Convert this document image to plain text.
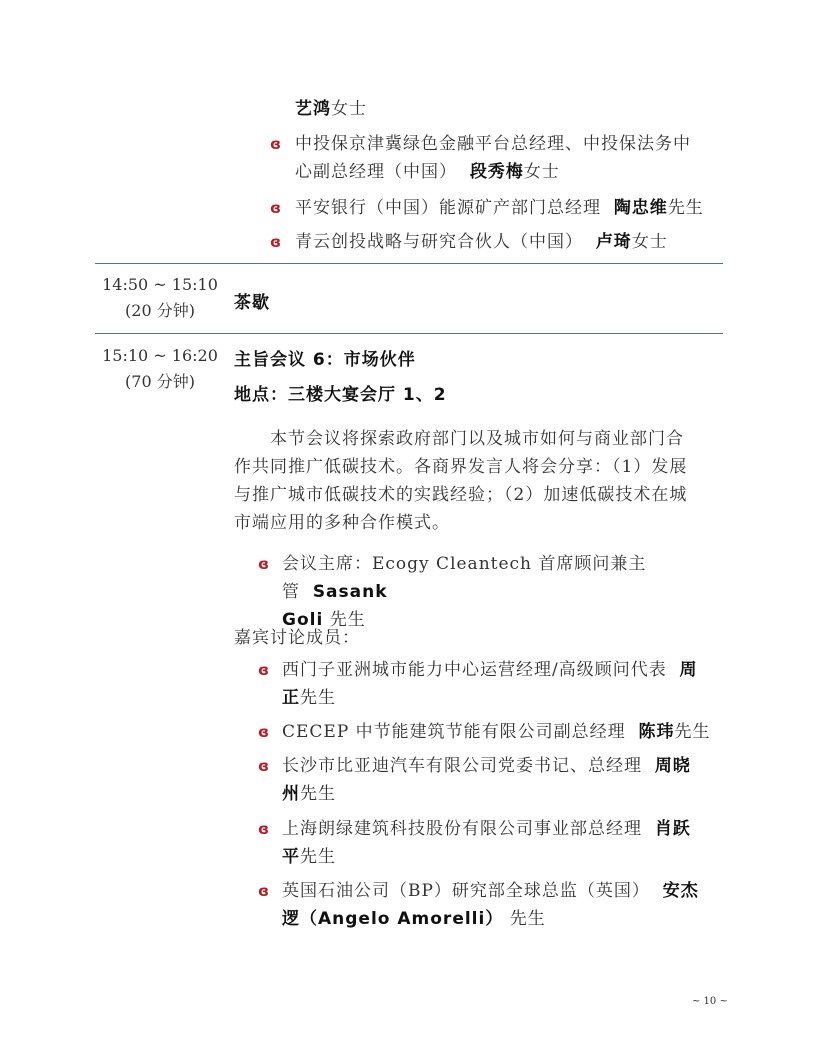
艺鸿女士
ɞ 中投保京津冀绿色金融平台总经理、中投保法务中
心副总经理（中国） 段秀梅女士
ɞ 平安银行（中国）能源矿产部门总经理 陶忠维先生
ɞ 青云创投战略与研究合伙人（中国） 卢琦女士
14:50 ~ 15:10
(20 分钟)	茶歇
15:10 ~ 16:20
(70 分钟)
主旨会议 6：市场伙伴
地点：三楼大宴会厅 1、2
本节会议将探索政府部门以及城市如何与商业部门合
作共同推广低碳技术。各商界发言人将会分享：（1）发展
与推广城市低碳技术的实践经验；（2）加速低碳技术在城
市端应用的多种合作模式。
ɞ 会议主席：Ecogy Cleantech 首席顾问兼主管 Sasank
Goli 先生
嘉宾讨论成员：
ɞ 西门子亚洲城市能力中心运营经理/高级顾问代表 周
正先生
ɞ CECEP 中节能建筑节能有限公司副总经理 陈玮先生
ɞ 长沙市比亚迪汽车有限公司党委书记、总经理 周晓
州先生
ɞ 上海朗绿建筑科技股份有限公司事业部总经理 肖跃
平先生
ɞ 英国石油公司（BP）研究部全球总监（英国） 安杰
逻（Angelo Amorelli） 先生
~ 10 ~
